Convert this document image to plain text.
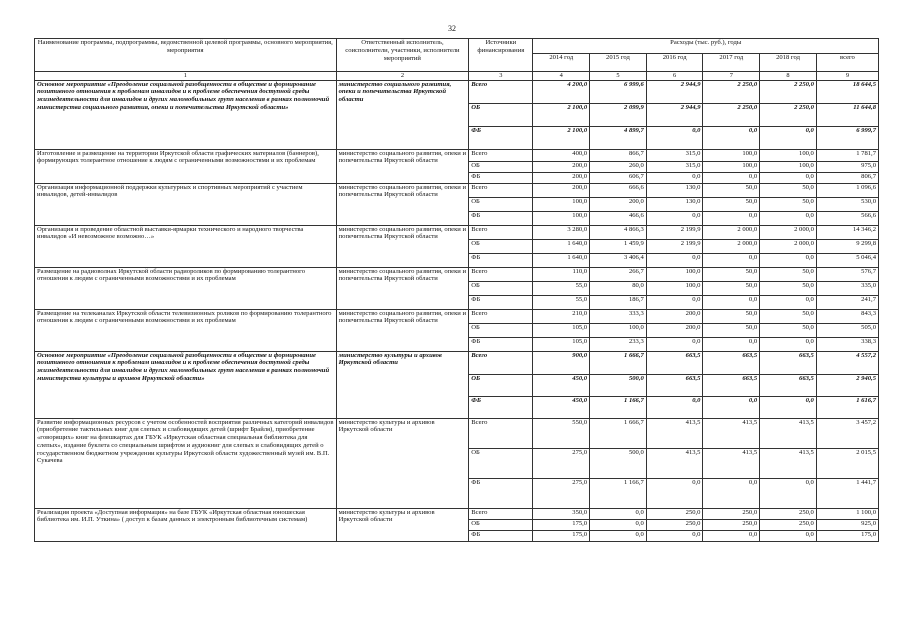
32
Наименование программы, подпрограммы, ведомственной целевой программы, основного мероприятия, мероприятия	Ответственный исполнитель, соисполнители, участники, исполнители мероприятий	Источники финансирования	Расходы (тыс. руб.), годы					
			2014 год	2015 год	2016 год	2017 год	2018 год	всего
1	2	3	4	5	6	7	8	9
Основное мероприятие «Преодоление социальной разобщенности в обществе и формирование позитивного отношения к проблемам инвалидов и к проблеме обеспечения доступной среды жизнедеятельности для инвалидов и других маломобильных групп населения в рамках полномочий министерства социального развития, опеки и попечительства Иркутской области»	министерство социального развития, опеки и попечительства Иркутской области	Всего	4 200,0	6 999,6	2 944,9	2 250,0	2 250,0	18 644,5
		ОБ	2 100,0	2 099,9	2 944,9	2 250,0	2 250,0	11 644,8
		ФБ	2 100,0	4 899,7	0,0	0,0	0,0	6 999,7
Изготовление и размещение на территории Иркутской области графических материалов (баннеров), формирующих толерантное отношение к людям с ограниченными возможностями и их проблемам	министерство социального развития, опеки и попечительства Иркутской области	Всего	400,0	866,7	315,0	100,0	100,0	1 781,7
		ОБ	200,0	260,0	315,0	100,0	100,0	975,0
		ФБ	200,0	606,7	0,0	0,0	0,0	806,7
Организация информационной поддержки культурных и спортивных мероприятий с участием инвалидов, детей-инвалидов	министерство социального развития, опеки и попечительства Иркутской области	Всего	200,0	666,6	130,0	50,0	50,0	1 096,6
		ОБ	100,0	200,0	130,0	50,0	50,0	530,0
		ФБ	100,0	466,6	0,0	0,0	0,0	566,6
Организация и проведение областной выставки-ярмарки технического и народного творчества инвалидов «И невозможное возможно…»	министерство социального развития, опеки и попечительства Иркутской области	Всего	3 280,0	4 866,3	2 199,9	2 000,0	2 000,0	14 346,2
		ОБ	1 640,0	1 459,9	2 199,9	2 000,0	2 000,0	9 299,8
		ФБ	1 640,0	3 406,4	0,0	0,0	0,0	5 046,4
Размещение на радиоволнах Иркутской области радиороликов по формированию толерантного отношения к людям с ограниченными возможностями и их проблемам	министерство социального развития, опеки и попечительства Иркутской области	Всего	110,0	266,7	100,0	50,0	50,0	576,7
		ОБ	55,0	80,0	100,0	50,0	50,0	335,0
		ФБ	55,0	186,7	0,0	0,0	0,0	241,7
Размещение на телеканалах Иркутской области телевизионных роликов по формированию толерантного отношения к людям с ограниченными возможностями и их проблемам	министерство социального развития, опеки и попечительства Иркутской области	Всего	210,0	333,3	200,0	50,0	50,0	843,3
		ОБ	105,0	100,0	200,0	50,0	50,0	505,0
		ФБ	105,0	233,3	0,0	0,0	0,0	338,3
Основное мероприятие «Преодоление социальной разобщенности в обществе и формирование позитивного отношения к проблемам инвалидов и к проблеме обеспечения доступной среды жизнедеятельности для инвалидов и других маломобильных групп населения в рамках полномочий министерства культуры и архивов Иркутской области»	министерство культуры и архивов Иркутской области	Всего	900,0	1 666,7	663,5	663,5	663,5	4 557,2
		ОБ	450,0	500,0	663,5	663,5	663,5	2 940,5
		ФБ	450,0	1 166,7	0,0	0,0	0,0	1 616,7
Развитие информационных ресурсов с учетом особенностей восприятия различных категорий инвалидов (приобретение тактильных книг для слепых и слабовидящих детей (шрифт Брайля), приобретение «говорящих» книг на флешкартах для ГБУК «Иркутская областная специальная библиотека для слепых», издание буклета со специальным шрифтом и аудиокниг для слепых и слабовидящих детей о государственном бюджетном учреждении культуры Иркутской области художественный музей им. В.П. Сукачева	министерство культуры и архивов Иркутской области	Всего	550,0	1 666,7	413,5	413,5	413,5	3 457,2
		ОБ	275,0	500,0	413,5	413,5	413,5	2 015,5
		ФБ	275,0	1 166,7	0,0	0,0	0,0	1 441,7
Реализация проекта «Доступная информация» на базе ГБУК «Иркутская областная юношеская библиотека им. И.П. Уткина» ( доступ к базам данных и электронным библиотечным системам)	министерство культуры и архивов Иркутской области	Всего	350,0	0,0	250,0	250,0	250,0	1 100,0
		ОБ	175,0	0,0	250,0	250,0	250,0	925,0
		ФБ	175,0	0,0	0,0	0,0	0,0	175,0
